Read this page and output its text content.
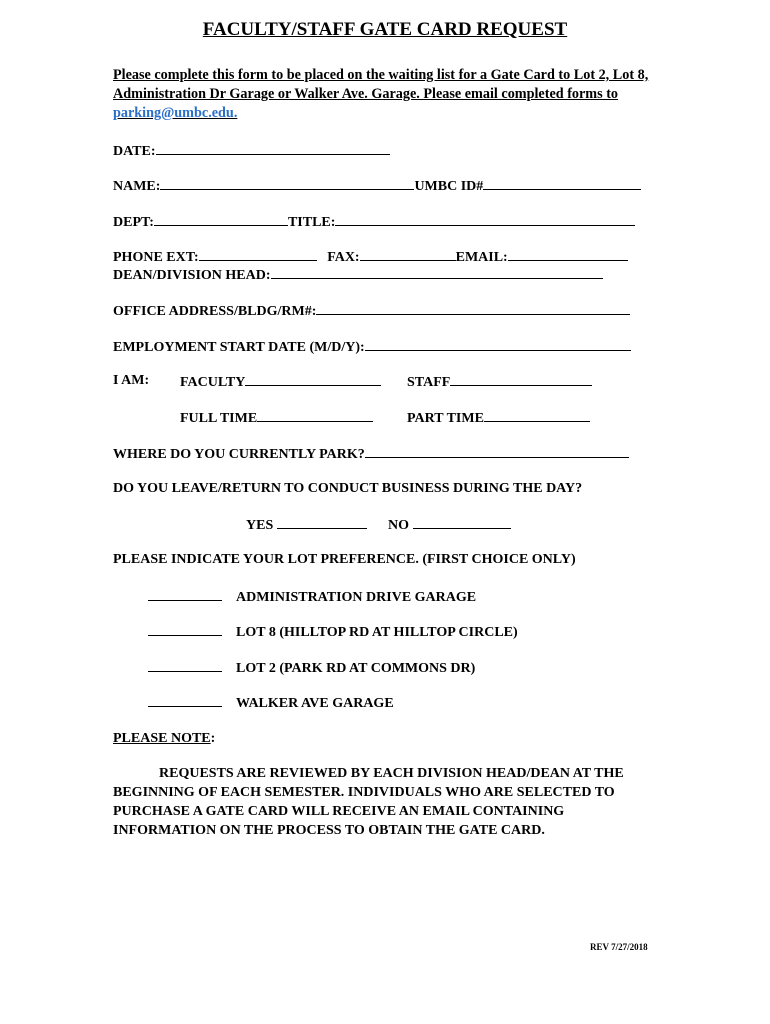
FACULTY/STAFF GATE CARD REQUEST
Please complete this form to be placed on the waiting list for a Gate Card to Lot 2, Lot 8, Administration Dr Garage or Walker Ave. Garage. Please email completed forms to parking@umbc.edu.
DATE:
NAME:	UMBC ID#
DEPT:	TITLE:
PHONE EXT:	FAX:	EMAIL:
DEAN/DIVISION HEAD:
OFFICE ADDRESS/BLDG/RM#:
EMPLOYMENT START DATE (M/D/Y):
I AM: FACULTY	STAFF
FULL TIME	PART TIME
WHERE DO YOU CURRENTLY PARK?
DO YOU LEAVE/RETURN TO CONDUCT BUSINESS DURING THE DAY?
YES	NO
PLEASE INDICATE YOUR LOT PREFERENCE. (FIRST CHOICE ONLY)
ADMINISTRATION DRIVE GARAGE
LOT 8 (HILLTOP RD AT HILLTOP CIRCLE)
LOT 2 (PARK RD AT COMMONS DR)
WALKER AVE GARAGE
PLEASE NOTE:
REQUESTS ARE REVIEWED BY EACH DIVISION HEAD/DEAN AT THE BEGINNING OF EACH SEMESTER. INDIVIDUALS WHO ARE SELECTED TO PURCHASE A GATE CARD WILL RECEIVE AN EMAIL CONTAINING INFORMATION ON THE PROCESS TO OBTAIN THE GATE CARD.
REV 7/27/2018
